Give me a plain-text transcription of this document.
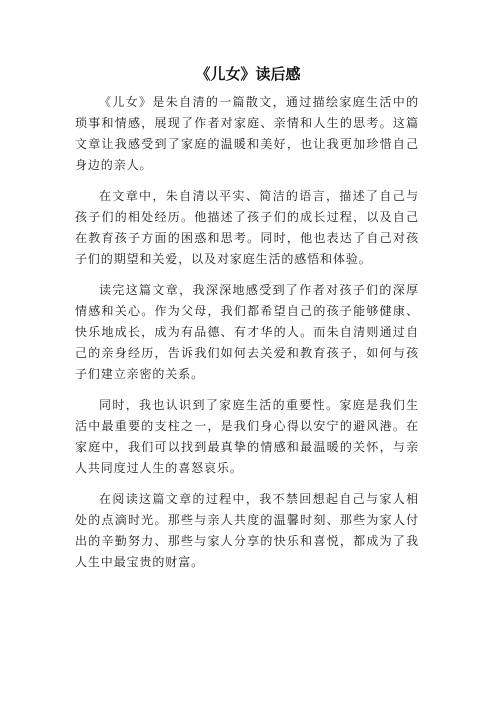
《儿女》读后感

《儿女》是朱自清的一篇散文，通过描绘家庭生活中的琐事和情感，展现了作者对家庭、亲情和人生的思考。这篇文章让我感受到了家庭的温暖和美好，也让我更加珍惜自己身边的亲人。

在文章中，朱自清以平实、简洁的语言，描述了自己与孩子们的相处经历。他描述了孩子们的成长过程，以及自己在教育孩子方面的困惑和思考。同时，他也表达了自己对孩子们的期望和关爱，以及对家庭生活的感悟和体验。

读完这篇文章，我深深地感受到了作者对孩子们的深厚情感和关心。作为父母，我们都希望自己的孩子能够健康、快乐地成长，成为有品德、有才华的人。而朱自清则通过自己的亲身经历，告诉我们如何去关爱和教育孩子，如何与孩子们建立亲密的关系。

同时，我也认识到了家庭生活的重要性。家庭是我们生活中最重要的支柱之一，是我们身心得以安宁的避风港。在家庭中，我们可以找到最真挚的情感和最温暖的关怀，与亲人共同度过人生的喜怒哀乐。

在阅读这篇文章的过程中，我不禁回想起自己与家人相处的点滴时光。那些与亲人共度的温馨时刻、那些为家人付出的辛勤努力、那些与家人分享的快乐和喜悦，都成为了我人生中最宝贵的财富。
